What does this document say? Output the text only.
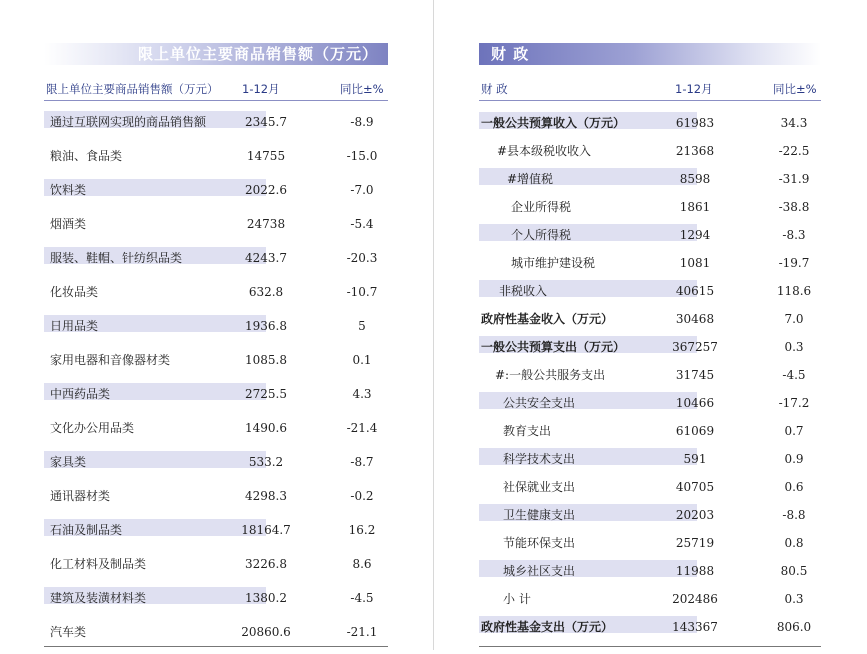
限上单位主要商品销售额（万元）
限上单位主要商品销售额（万元） 1-12月	同比±%
通过互联网实现的商品销售额	2345.7	-8.9
粮油、食品类	14755	-15.0
饮料类	2022.6	-7.0
烟酒类	24738	-5.4
服装、鞋帽、针纺织品类	4243.7	-20.3
化妆品类	632.8	-10.7
日用品类	1936.8	5
家用电器和音像器材类	1085.8	0.1
中西药品类	2725.5	4.3
文化办公用品类	1490.6	-21.4
家具类	533.2	-8.7
通讯器材类	4298.3	-0.2
石油及制品类	18164.7	16.2
化工材料及制品类	3226.8	8.6
建筑及装潢材料类	1380.2	-4.5
汽车类	20860.6	-21.1
财 政
财 政	1-12月	同比±%
一般公共预算收入（万元）	61983	34.3
#县本级税收收入	21368	-22.5
#增值税	8598	-31.9
企业所得税	1861	-38.8
个人所得税	1294	-8.3
城市维护建设税	1081	-19.7
非税收入	40615	118.6
政府性基金收入（万元）	30468	7.0
一般公共预算支出（万元）	367257	0.3
#:一般公共服务支出	31745	-4.5
公共安全支出	10466	-17.2
教育支出	61069	0.7
科学技术支出	591	0.9
社保就业支出	40705	0.6
卫生健康支出	20203	-8.8
节能环保支出	25719	0.8
城乡社区支出	11988	80.5
小 计	202486	0.3
政府性基金支出（万元）	143367	806.0
